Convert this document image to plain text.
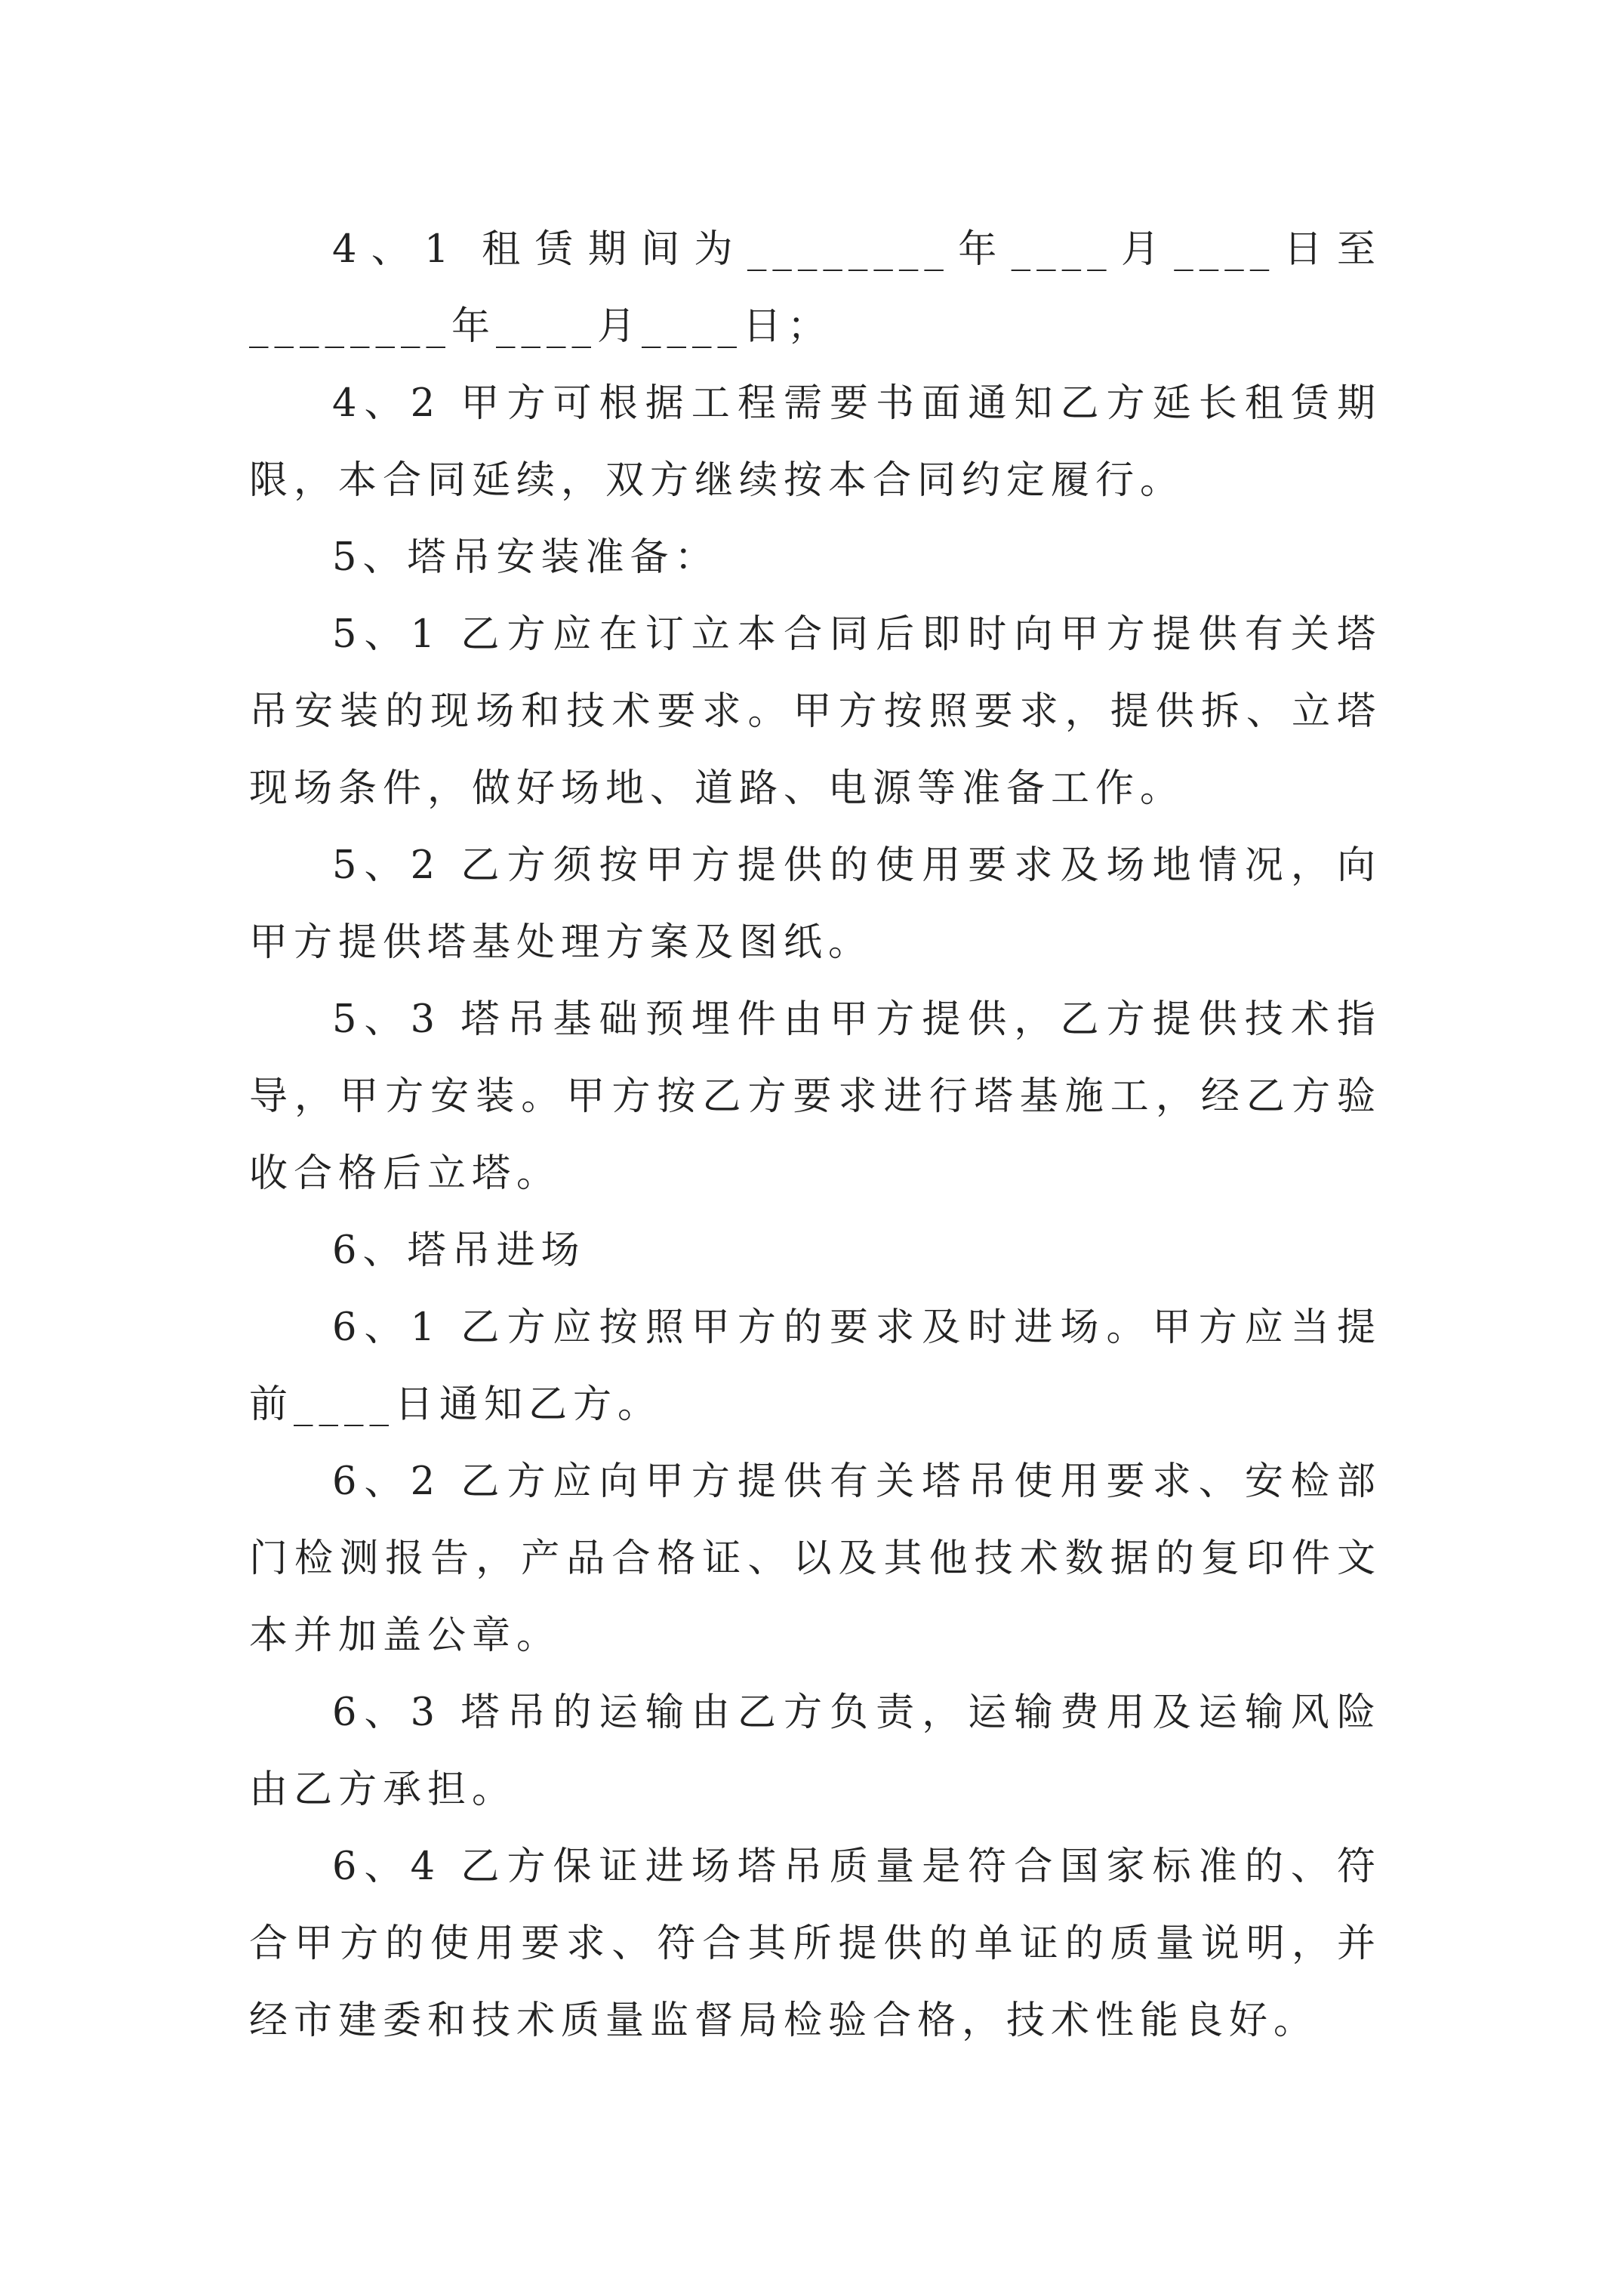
4、1 租赁期间为________年____月____日至________年____月____日；

4、2 甲方可根据工程需要书面通知乙方延长租赁期限，本合同延续，双方继续按本合同约定履行。

5、塔吊安装准备：

5、1 乙方应在订立本合同后即时向甲方提供有关塔吊安装的现场和技术要求。甲方按照要求，提供拆、立塔现场条件，做好场地、道路、电源等准备工作。

5、2 乙方须按甲方提供的使用要求及场地情况，向甲方提供塔基处理方案及图纸。

5、3 塔吊基础预埋件由甲方提供，乙方提供技术指导，甲方安装。甲方按乙方要求进行塔基施工，经乙方验收合格后立塔。

6、塔吊进场

6、1 乙方应按照甲方的要求及时进场。甲方应当提前____日通知乙方。

6、2 乙方应向甲方提供有关塔吊使用要求、安检部门检测报告，产品合格证、以及其他技术数据的复印件文本并加盖公章。

6、3 塔吊的运输由乙方负责，运输费用及运输风险由乙方承担。

6、4 乙方保证进场塔吊质量是符合国家标准的、符合甲方的使用要求、符合其所提供的单证的质量说明，并经市建委和技术质量监督局检验合格，技术性能良好。
